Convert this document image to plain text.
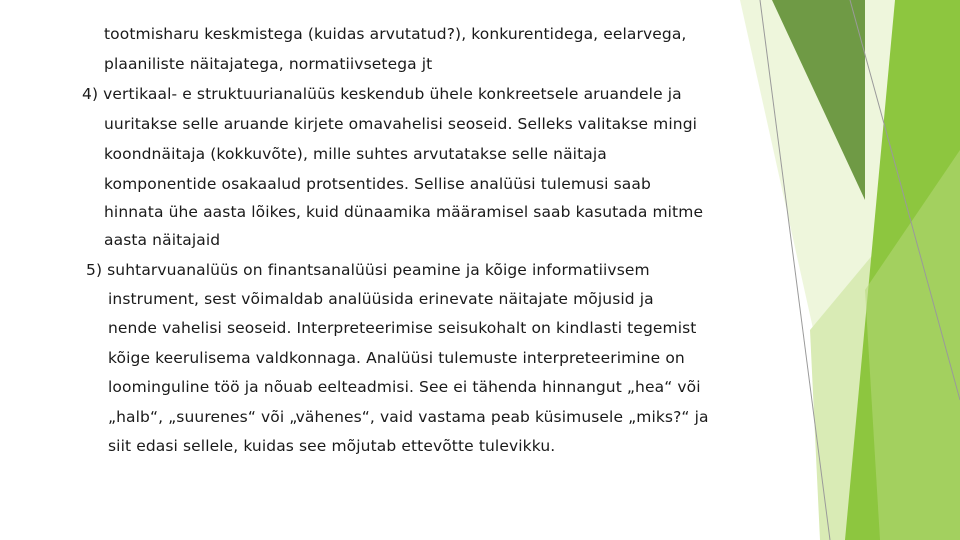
tootmisharu keskmistega (kuidas arvutatud?), konkurentidega, eelarvega,
plaaniliste näitajatega, normatiivsetega jt
4) vertikaal- e struktuurianalüüs keskendub ühele konkreetsele aruandele ja
uuritakse selle aruande kirjete omavahelisi seoseid. Selleks valitakse mingi
koondnäitaja (kokkuvõte), mille suhtes arvutatakse selle näitaja
komponentide osakaalud protsentides. Sellise analüüsi tulemusi saab
hinnata ühe aasta lõikes, kuid dünaamika määramisel saab kasutada mitme
aasta näitajaid
5) suhtarvuanalüüs on finantsanalüüsi peamine ja kõige informatiivsem
instrument, sest võimaldab analüüsida erinevate näitajate mõjusid ja
nende vahelisi seoseid. Interpreteerimise seisukohalt on kindlasti tegemist
kõige keerulisema valdkonnaga. Analüüsi tulemuste interpreteerimine on
loominguline töö ja nõuab eelteadmisi. See ei tähenda hinnangut „hea“ või
„halb“, „suurenes“ või „vähenes“, vaid vastama peab küsimusele „miks?“ ja
siit edasi sellele, kuidas see mõjutab ettevõtte tulevikku.
